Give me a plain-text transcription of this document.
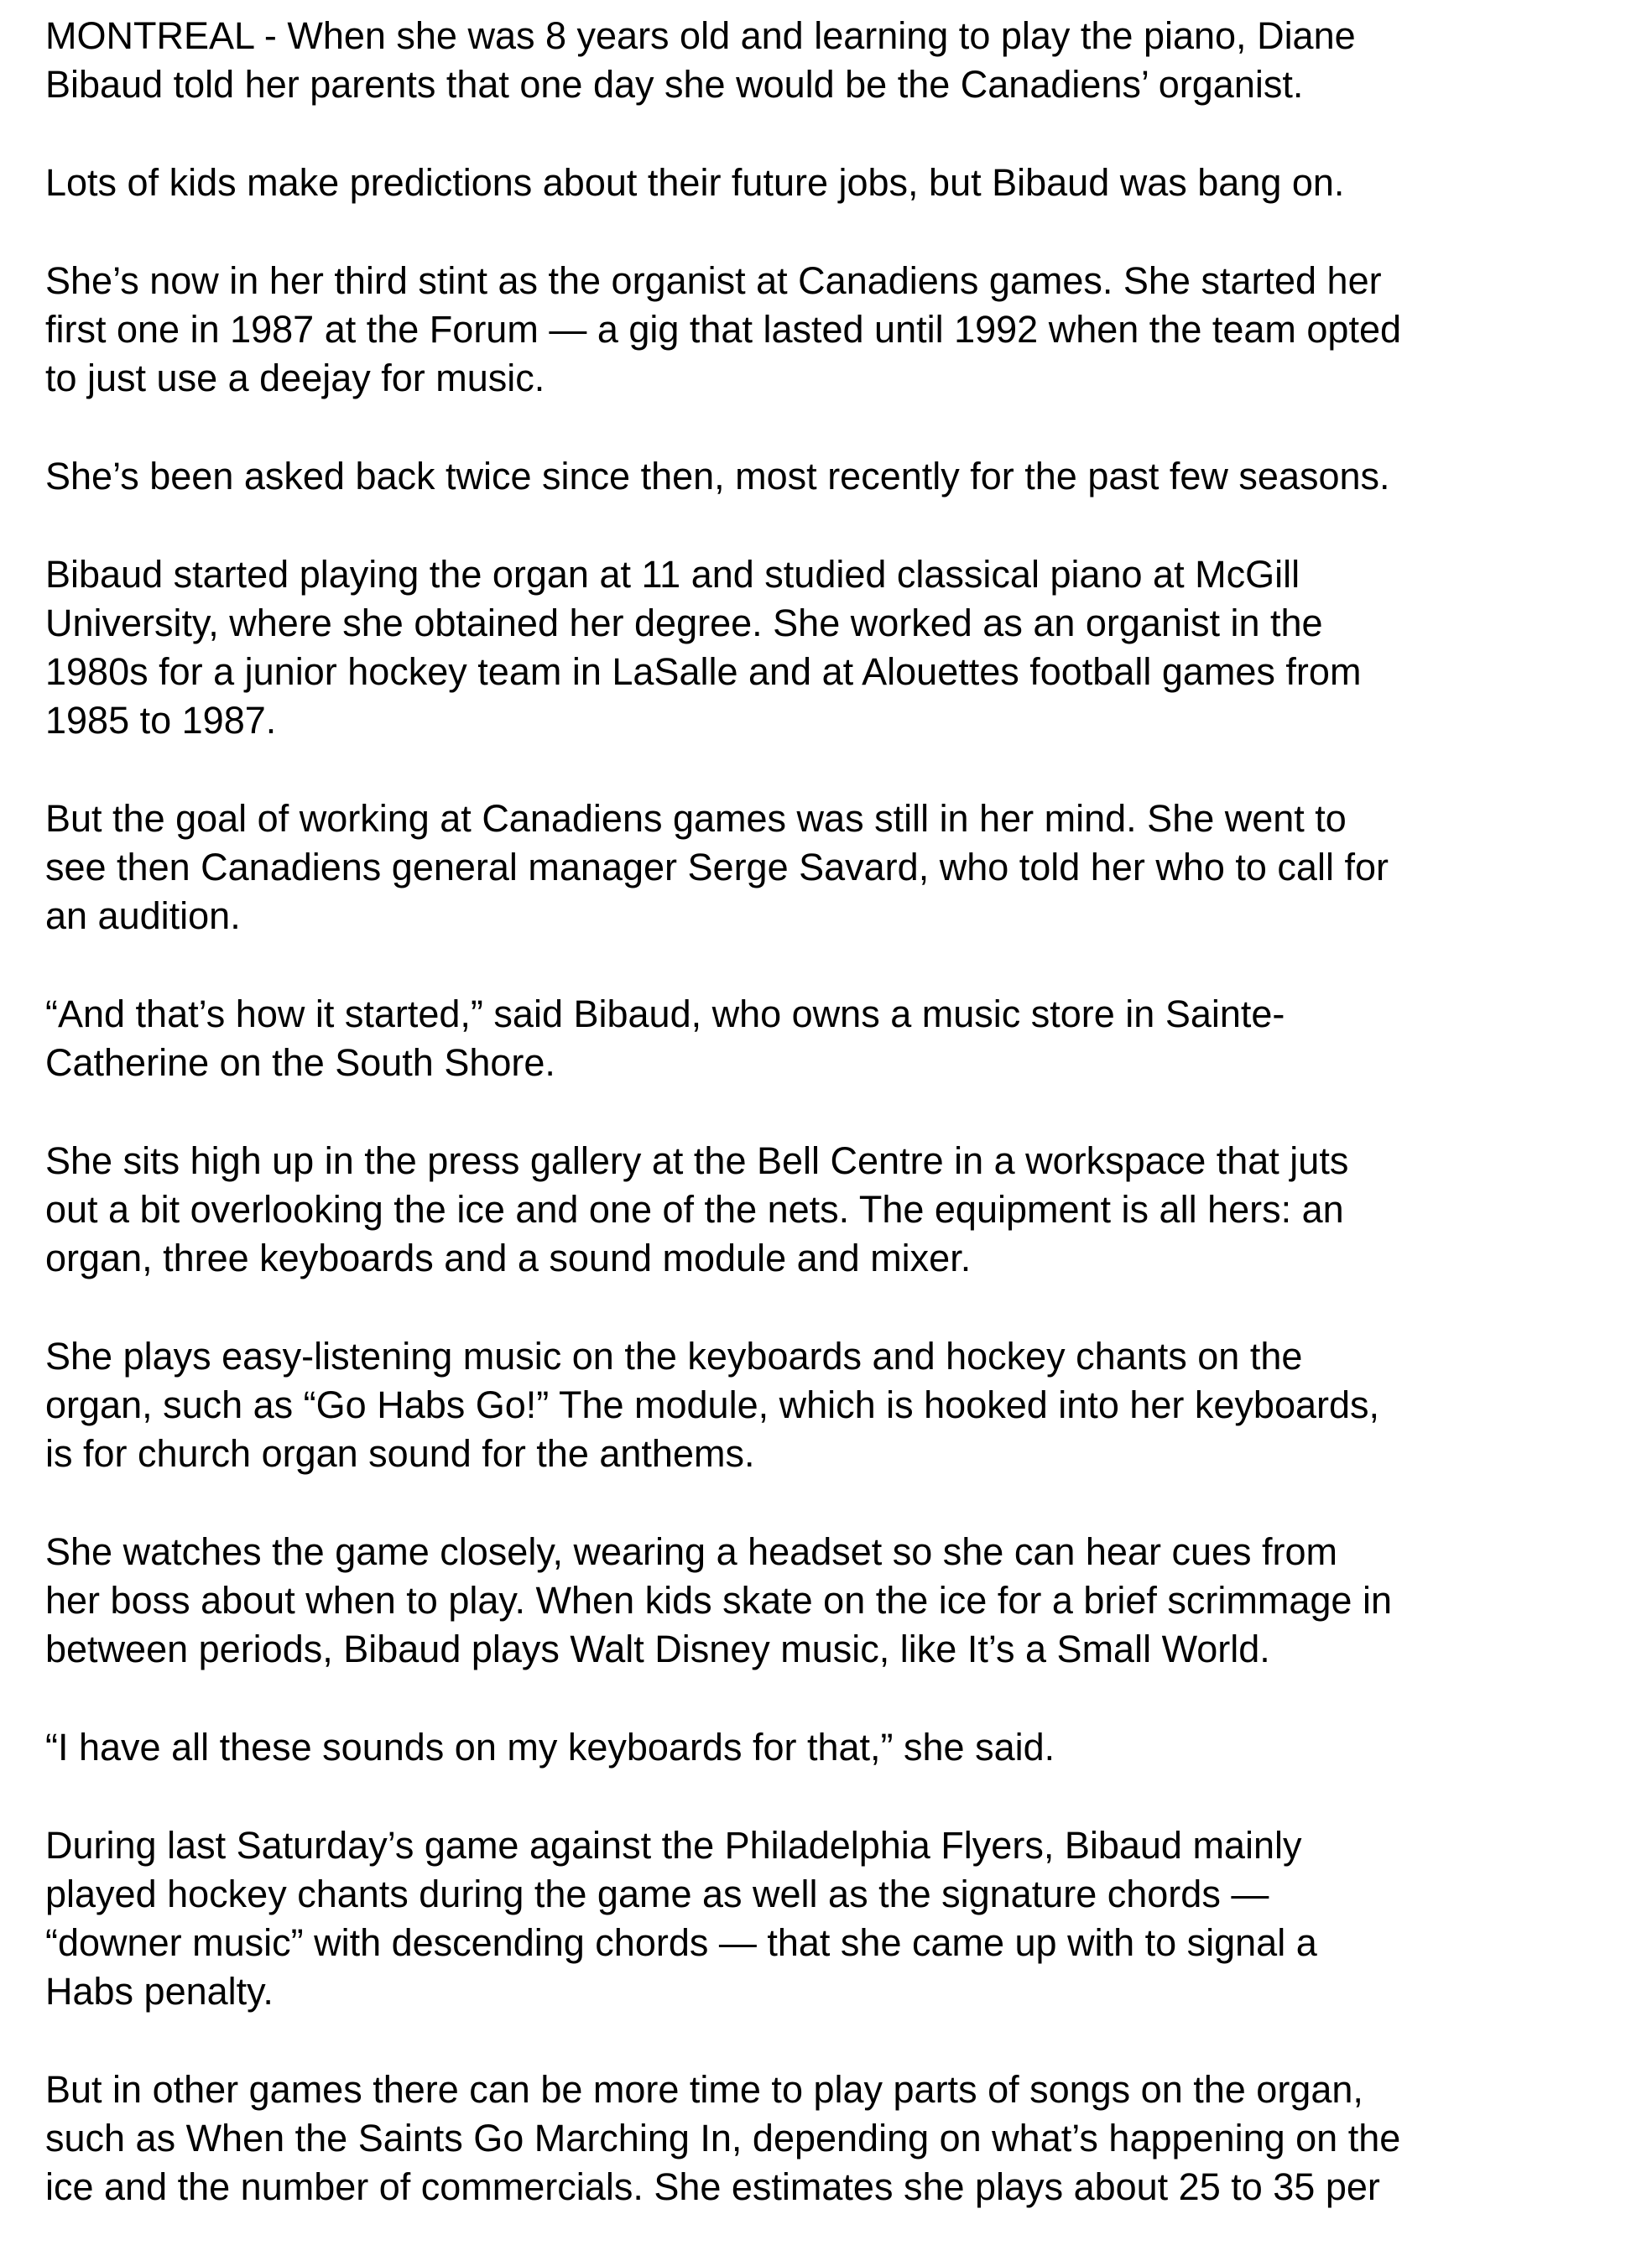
MONTREAL - When she was 8 years old and learning to play the piano, Diane
Bibaud told her parents that one day she would be the Canadiens’ organist.

Lots of kids make predictions about their future jobs, but Bibaud was bang on.

She’s now in her third stint as the organist at Canadiens games. She started her
first one in 1987 at the Forum — a gig that lasted until 1992 when the team opted
to just use a deejay for music.

She’s been asked back twice since then, most recently for the past few seasons.

Bibaud started playing the organ at 11 and studied classical piano at McGill
University, where she obtained her degree. She worked as an organist in the
1980s for a junior hockey team in LaSalle and at Alouettes football games from
1985 to 1987.

But the goal of working at Canadiens games was still in her mind. She went to
see then Canadiens general manager Serge Savard, who told her who to call for
an audition.

“And that’s how it started,” said Bibaud, who owns a music store in Sainte-
Catherine on the South Shore.

She sits high up in the press gallery at the Bell Centre in a workspace that juts
out a bit overlooking the ice and one of the nets. The equipment is all hers: an
organ, three keyboards and a sound module and mixer.

She plays easy-listening music on the keyboards and hockey chants on the
organ, such as “Go Habs Go!” The module, which is hooked into her keyboards,
is for church organ sound for the anthems.

She watches the game closely, wearing a headset so she can hear cues from
her boss about when to play. When kids skate on the ice for a brief scrimmage in
between periods, Bibaud plays Walt Disney music, like It’s a Small World.

“I have all these sounds on my keyboards for that,” she said.

During last Saturday’s game against the Philadelphia Flyers, Bibaud mainly
played hockey chants during the game as well as the signature chords —
“downer music” with descending chords — that she came up with to signal a
Habs penalty.

But in other games there can be more time to play parts of songs on the organ,
such as When the Saints Go Marching In, depending on what’s happening on the
ice and the number of commercials. She estimates she plays about 25 to 35 per
